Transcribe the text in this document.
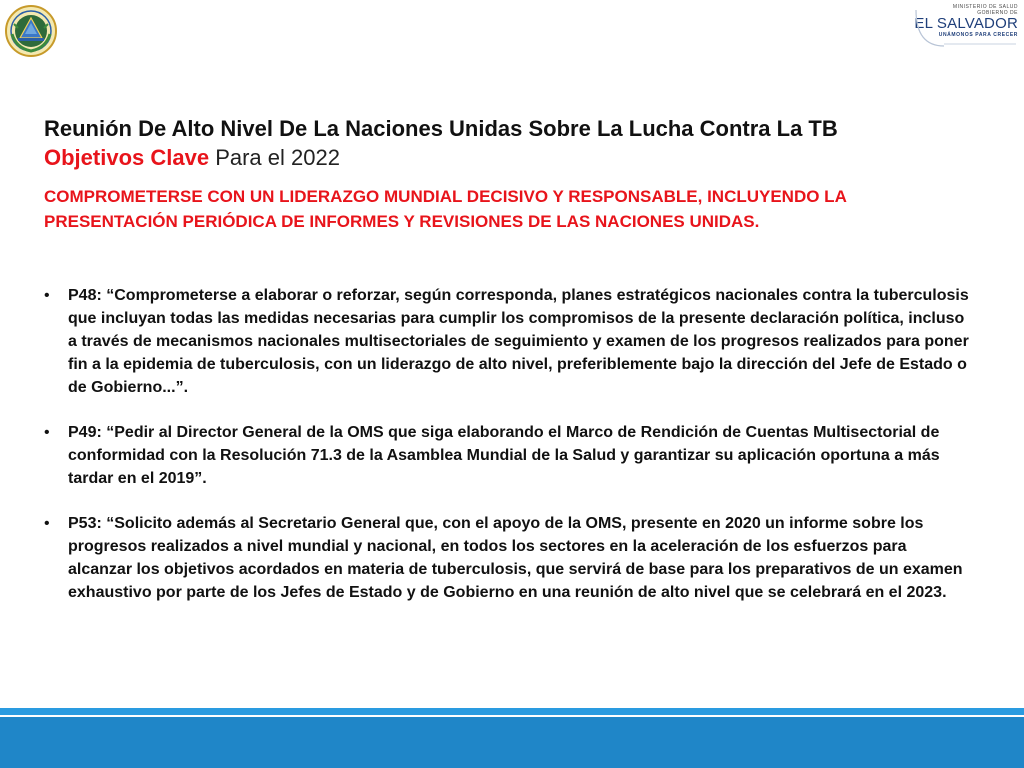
MINISTERIO DE SALUD
GOBIERNO DE
EL SALVADOR
UNÁMONOS PARA CRECER
Reunión De Alto Nivel De La Naciones Unidas Sobre La Lucha Contra La TB Objetivos Clave Para el 2022
COMPROMETERSE CON UN LIDERAZGO MUNDIAL DECISIVO Y RESPONSABLE, INCLUYENDO LA PRESENTACIÓN PERIÓDICA DE INFORMES Y REVISIONES DE LAS NACIONES UNIDAS.
• P48: “Comprometerse a elaborar o reforzar, según corresponda, planes estratégicos nacionales contra la tuberculosis que incluyan todas las medidas necesarias para cumplir los compromisos de la presente declaración política, incluso a través de mecanismos nacionales multisectoriales de seguimiento y examen de los progresos realizados para poner fin a la epidemia de tuberculosis, con un liderazgo de alto nivel, preferiblemente bajo la dirección del Jefe de Estado o de Gobierno...”.
• P49: “Pedir al Director General de la OMS que siga elaborando el Marco de Rendición de Cuentas Multisectorial de conformidad con la Resolución 71.3 de la Asamblea Mundial de la Salud y garantizar su aplicación oportuna a más tardar en el 2019”.
• P53: “Solicito además al Secretario General que, con el apoyo de la OMS, presente en 2020 un informe sobre los progresos realizados a nivel mundial y nacional, en todos los sectores en la aceleración de los esfuerzos para alcanzar los objetivos acordados en materia de tuberculosis, que servirá de base para los preparativos de un examen exhaustivo por parte de los Jefes de Estado y de Gobierno en una reunión de alto nivel que se celebrará en el 2023.
